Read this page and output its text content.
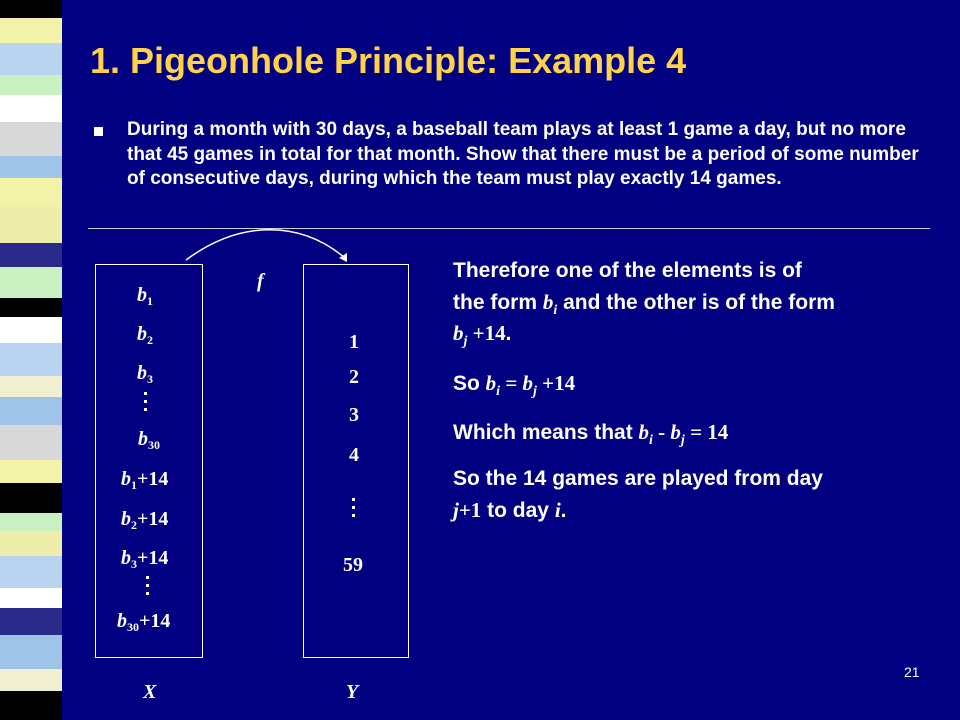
1. Pigeonhole Principle: Example 4
During a month with 30 days, a baseball team plays at least 1 game a day, but no more that 45 games in total for that month. Show that there must be a period of some number of consecutive days, during which the team must play exactly 14 games.
f
$b_1$
$b_2$
$b_3$
$b_{30}$
$b_1+14$
$b_2+14$
$b_3+14$
$b_{30}+14$
1
2
3
4
59
X	Y
Therefore one of the elements is of
the form $b_i$ and the other is of the form
$b_j +14$.
So $b_i = b_j +14$
Which means that $b_i - b_j = 14$
So the 14 games are played from day
j+1 to day i.
21
